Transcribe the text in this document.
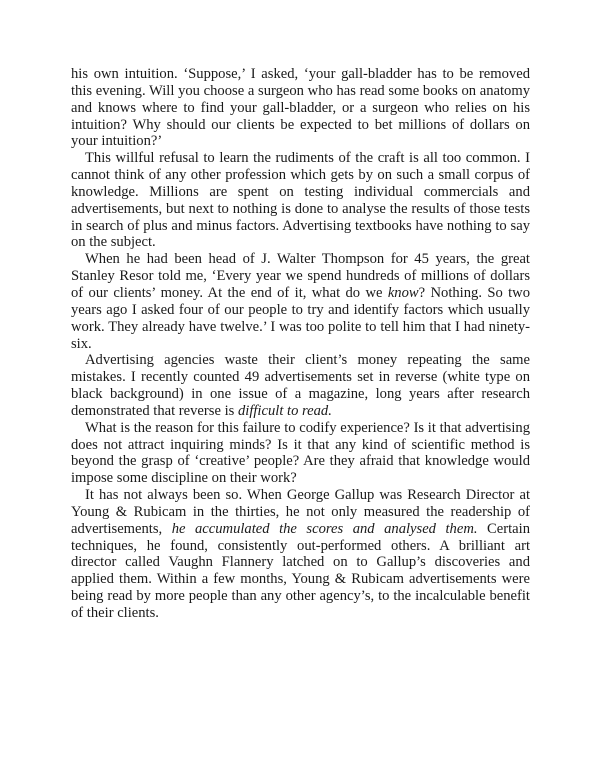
his own intuition. ‘Suppose,’ I asked, ‘your gall-bladder has to be removed this evening. Will you choose a surgeon who has read some books on anatomy and knows where to find your gall-bladder, or a surgeon who relies on his intuition? Why should our clients be expected to bet millions of dollars on your intuition?’

This willful refusal to learn the rudiments of the craft is all too common. I cannot think of any other profession which gets by on such a small corpus of knowledge. Millions are spent on testing individual commercials and advertisements, but next to nothing is done to analyse the results of those tests in search of plus and minus factors. Advertising textbooks have nothing to say on the subject.

When he had been head of J. Walter Thompson for 45 years, the great Stanley Resor told me, ‘Every year we spend hundreds of millions of dollars of our clients’ money. At the end of it, what do we know? Nothing. So two years ago I asked four of our people to try and identify factors which usually work. They already have twelve.’ I was too polite to tell him that I had ninety-six.

Advertising agencies waste their client’s money repeating the same mistakes. I recently counted 49 advertisements set in reverse (white type on black background) in one issue of a magazine, long years after research demonstrated that reverse is difficult to read.

What is the reason for this failure to codify experience? Is it that advertising does not attract inquiring minds? Is it that any kind of scientific method is beyond the grasp of ‘creative’ people? Are they afraid that knowledge would impose some discipline on their work?

It has not always been so. When George Gallup was Research Director at Young & Rubicam in the thirties, he not only measured the readership of advertisements, he accumulated the scores and analysed them. Certain techniques, he found, consistently out-performed others. A brilliant art director called Vaughn Flannery latched on to Gallup’s discoveries and applied them. Within a few months, Young & Rubicam advertisements were being read by more people than any other agency’s, to the incalculable benefit of their clients.
